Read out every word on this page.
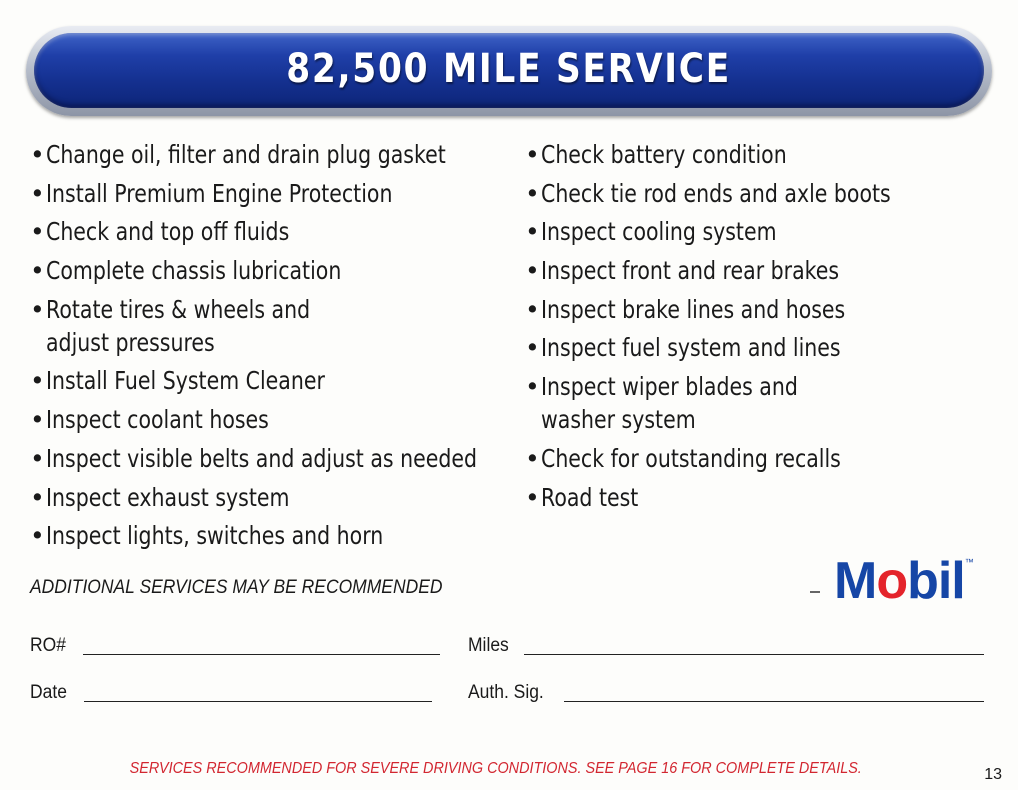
82,500 MILE SERVICE
• Change oil, filter and drain plug gasket
• Install Premium Engine Protection
• Check and top off fluids
• Complete chassis lubrication
• Rotate tires & wheels and
adjust pressures
• Install Fuel System Cleaner
• Inspect coolant hoses
• Inspect visible belts and adjust as needed
• Inspect exhaust system
• Inspect lights, switches and horn
• Check battery condition
• Check tie rod ends and axle boots
• Inspect cooling system
• Inspect front and rear brakes
• Inspect brake lines and hoses
• Inspect fuel system and lines
• Inspect wiper blades and
washer system
• Check for outstanding recalls
• Road test
ADDITIONAL SERVICES MAY BE RECOMMENDED	Mobil ™
RO#	Miles
Date	Auth. Sig.
SERVICES RECOMMENDED FOR SEVERE DRIVING CONDITIONS. SEE PAGE 16 FOR COMPLETE DETAILS.	13
